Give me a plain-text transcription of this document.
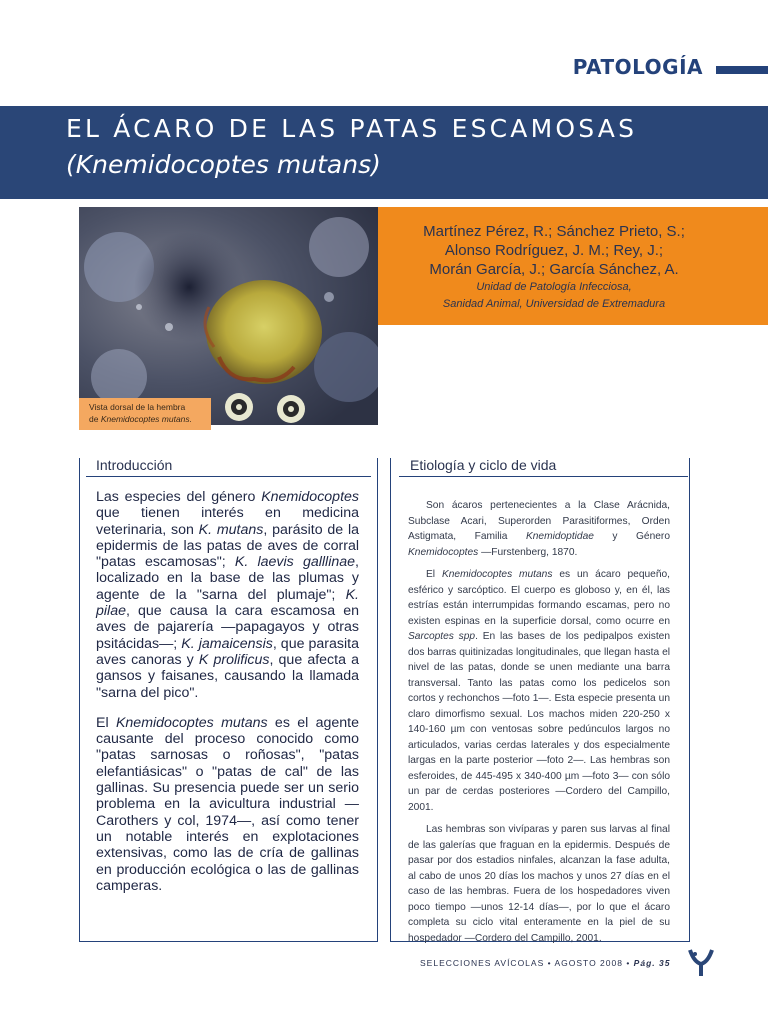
PATOLOGÍA
EL ÁCARO DE LAS PATAS ESCAMOSAS
(Knemidocoptes mutans)
Vista dorsal de la hembra
de Knemidocoptes mutans.
Martínez Pérez, R.; Sánchez Prieto, S.;
Alonso Rodríguez, J. M.; Rey, J.;
Morán García, J.; García Sánchez, A.
Unidad de Patología Infecciosa,
Sanidad Animal, Universidad de Extremadura
Introducción	Etiología y ciclo de vida

Las especies del género Knemidocoptes que tienen interés en medicina veterinaria, son K. mutans, parásito de la epidermis de las patas de aves de corral "patas escamosas"; K. laevis galllinae, localizado en la base de las plumas y agente de la "sarna del plumaje"; K. pilae, que causa la cara escamosa en aves de pajarería —papagayos y otras psitácidas—; K. jamaicensis, que parasita aves canoras y K prolificus, que afecta a gansos y faisanes, causando la llamada "sarna del pico".

El Knemidocoptes mutans es el agente causante del proceso conocido como "patas sarnosas o roñosas", "patas elefantiásicas" o "patas de cal" de las gallinas. Su presencia puede ser un serio problema en la avicultura industrial —Carothers y col, 1974—, así como tener un notable interés en explotaciones extensivas, como las de cría de gallinas en producción ecológica o las de gallinas camperas.

Son ácaros pertenecientes a la Clase Arácnida, Subclase Acari, Superorden Parasitiformes, Orden Astigmata, Familia Knemidoptidae y Género Knemidocoptes —Furstenberg, 1870.

El Knemidocoptes mutans es un ácaro pequeño, esférico y sarcóptico. El cuerpo es globoso y, en él, las estrías están interrumpidas formando escamas, pero no existen espinas en la superficie dorsal, como ocurre en Sarcoptes spp. En las bases de los pedipalpos existen dos barras quitinizadas longitudinales, que llegan hasta el nivel de las patas, donde se unen mediante una barra transversal. Tanto las patas como los pedicelos son cortos y rechonchos —foto 1—. Esta especie presenta un claro dimorfismo sexual. Los machos miden 220-250 x 140-160 µm con ventosas sobre pedúnculos largos no articulados, varias cerdas laterales y dos especialmente largas en la parte posterior —foto 2—. Las hembras son esferoides, de 445-495 x 340-400 µm —foto 3— con sólo un par de cerdas posteriores —Cordero del Campillo, 2001.

Las hembras son vivíparas y paren sus larvas al final de las galerías que fraguan en la epidermis. Después de pasar por dos estadios ninfales, alcanzan la fase adulta, al cabo de unos 20 días los machos y unos 27 días en el caso de las hembras. Fuera de los hospedadores viven poco tiempo —unos 12-14 días—, por lo que el ácaro completa su ciclo vital enteramente en la piel de su hospedador —Cordero del Campillo, 2001.

SELECCIONES AVÍCOLAS • AGOSTO 2008 • Pág. 35
